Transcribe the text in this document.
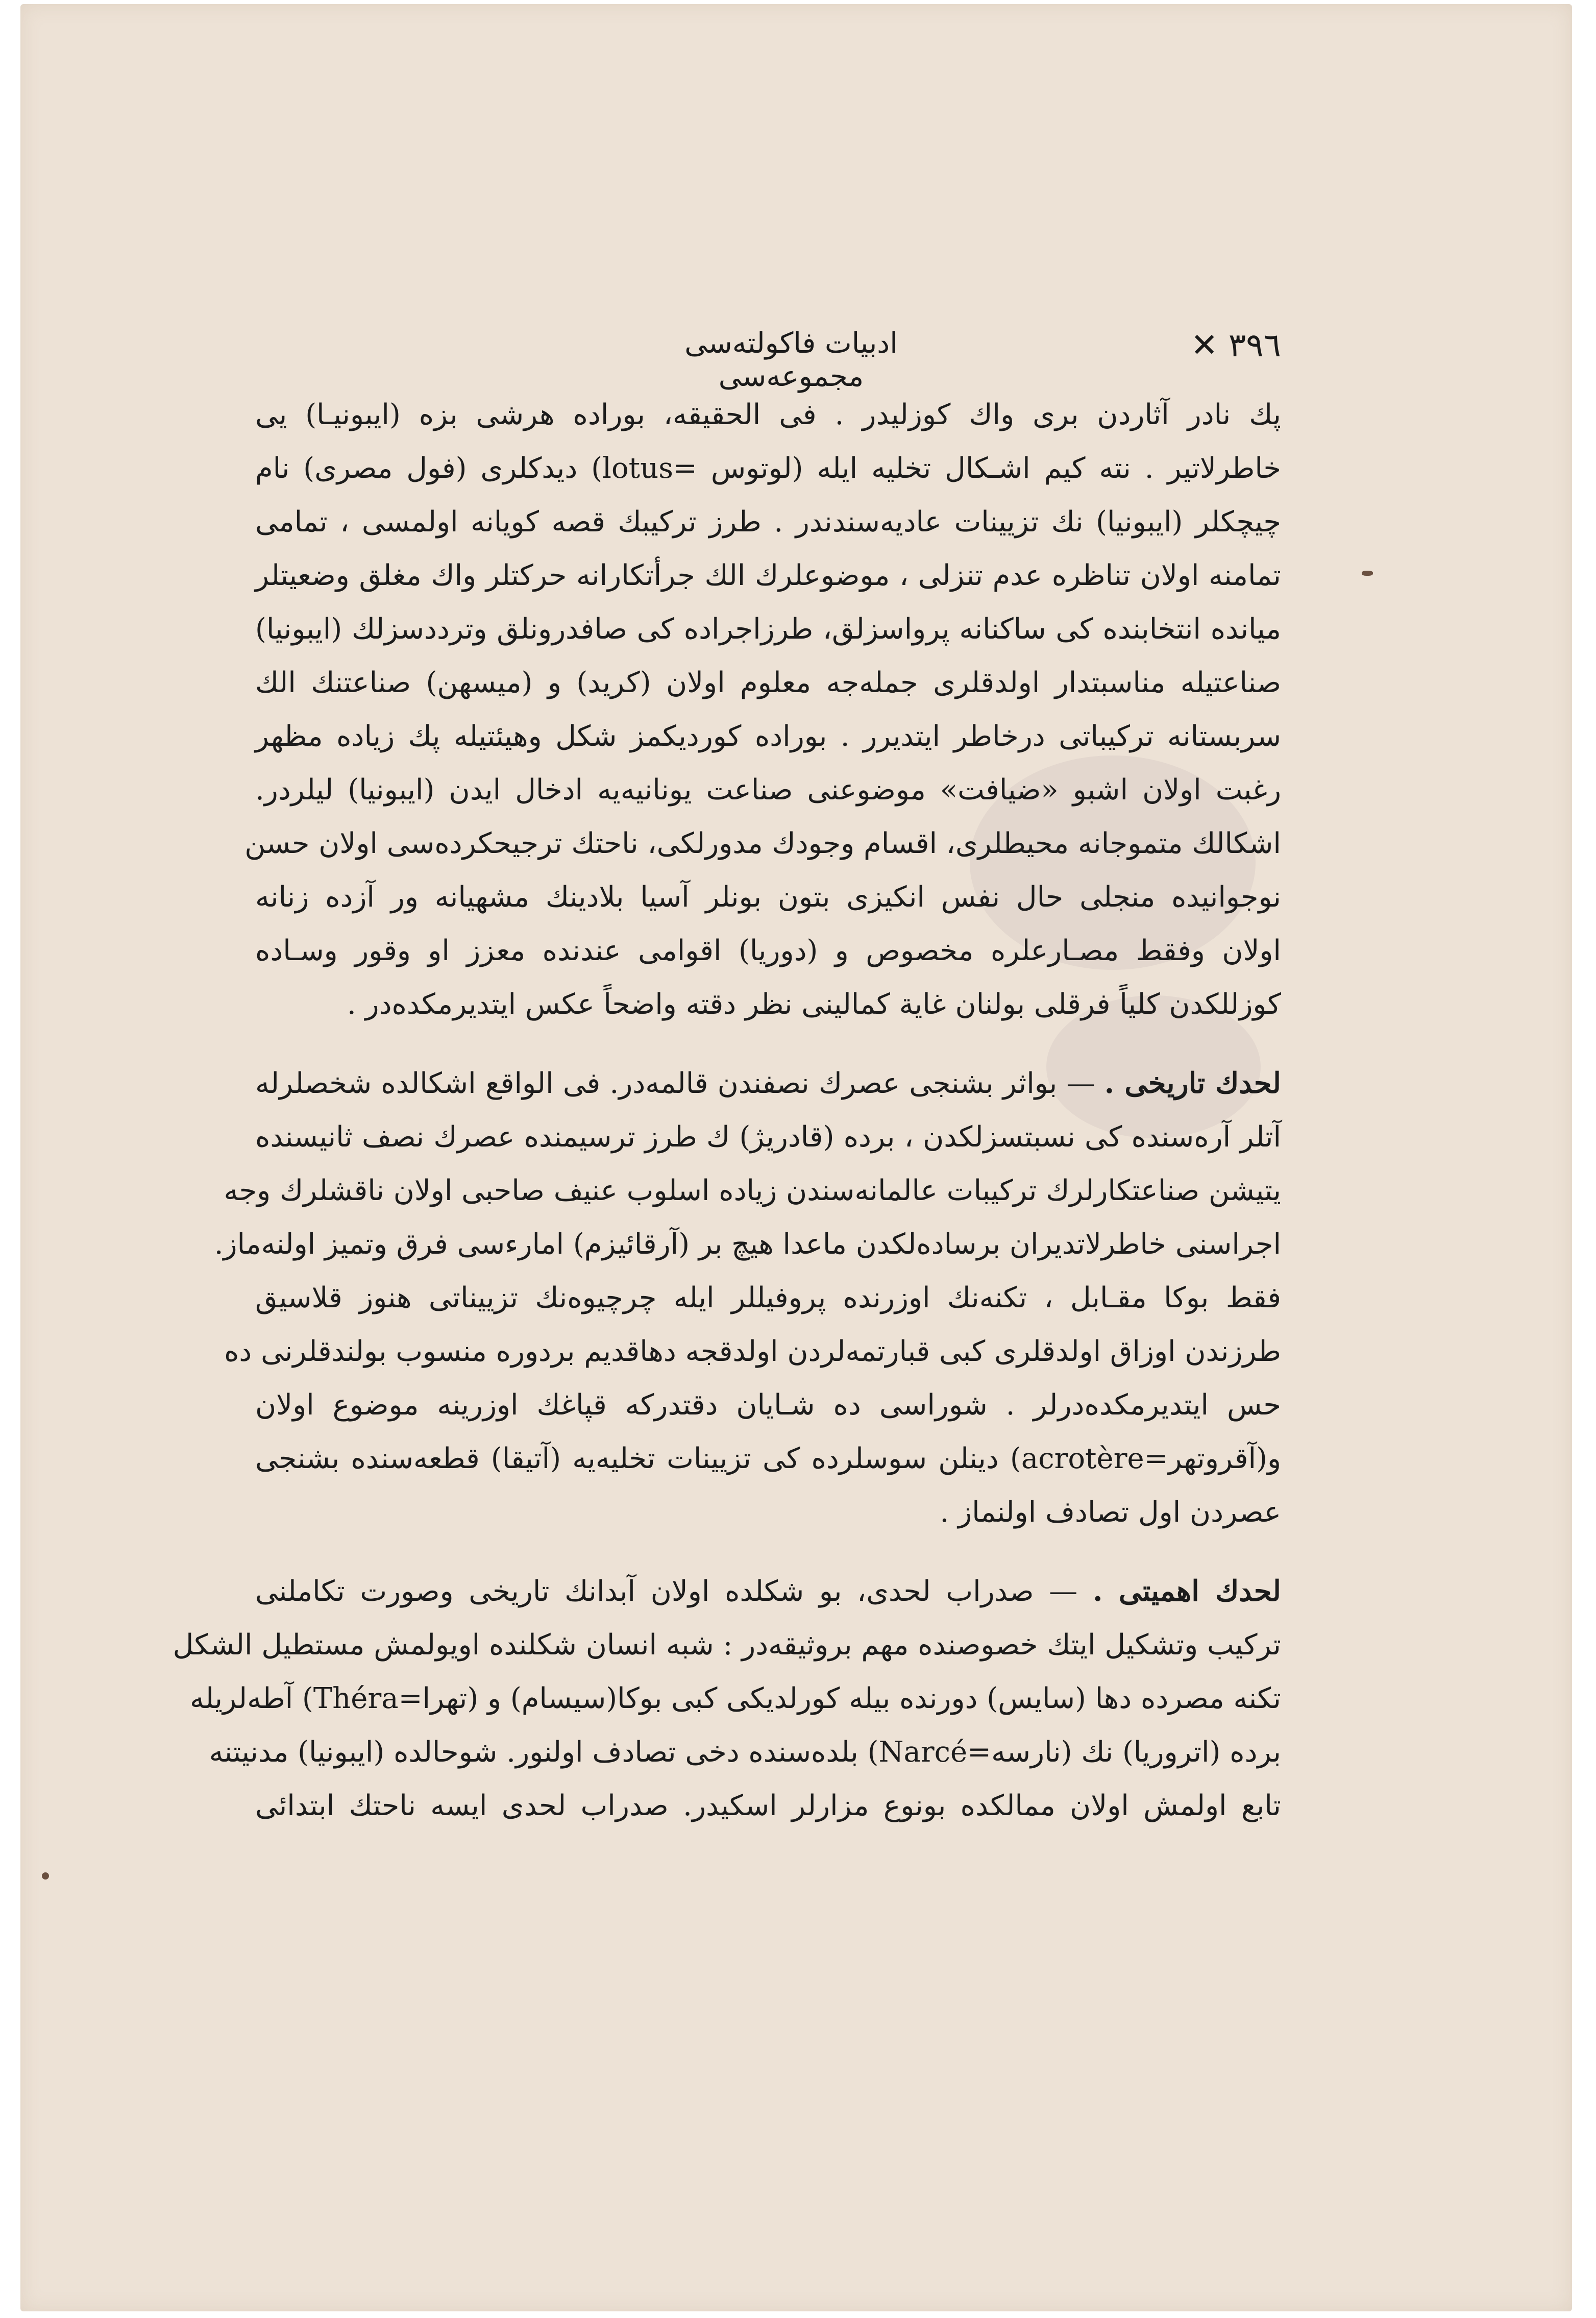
٣٩٦ ✕
ادبيات فاكولته‌سى مجموعه‌سى
پك نادر آثاردن برى واك كوزليدر . فى الحقيقه، بوراده هرشى بزه (ايبونيـا) يى
خاطرلاتير . نته كيم اشـكال تخليه ايله (لوتوس =lotus) ديدكلرى (فول مصرى) نام
چيچكلر (ايبونيا) نك تزيينات عاديه‌سندندر . طرز تركيبك قصه كويانه اولمسى ، تمامى
تمامنه اولان تناظره عدم تنزلى ، موضوعلرك الك جرأتكارانه حركتلر واك مغلق وضعيتلر
ميانده انتخابنده كى ساكنانه پرواسزلق، طرزاجراده كى صافدرونلق وترددسزلك (ايبونيا)
صناعتيله مناسبتدار اولدقلرى جمله‌جه معلوم اولان (كريد) و (ميسهن) صناعتنك الك
سربستانه تركيباتى درخاطر ايتديرر . بوراده كورديكمز شكل وهيئتيله پك زياده مظهر
رغبت اولان اشبو «ضيافت» موضوعنى صناعت يونانيه‌يه ادخال ايدن (ايبونيا) ليلردر.
اشكالك متموجانه محيطلرى، اقسام وجودك مدورلكى، ناحتك ترجيحكرده‌سى اولان حسن
نوجوانيده منجلى حال نفس انكيزى بتون بونلر آسيا بلادينك مشهيانه ور آزده زنانه
اولان وفقط مصـارعلره مخصوص و (دوريا) اقوامى عندنده معزز او وقور وسـاده
كوزللكدن كلياً فرقلى بولنان غاية كمالينى نظر دقته واضحاً عكس ايتديرمكده‌در .
لحدك تاريخى . — بواثر بشنجى عصرك نصفندن قالمه‌در. فى الواقع اشكالده شخصلرله
آتلر آره‌سنده كى نسبتسزلكدن ، برده (قادريژ) ك طرز ترسيمنده عصرك نصف ثانيسنده
يتيشن صناعتكارلرك تركيبات عالمانه‌سندن زياده اسلوب عنيف صاحبى اولان ناقشلرك وجه
اجراسنى خاطرلاتديران برساده‌لكدن ماعدا هيچ بر (آرقائيزم) امارءسى فرق وتميز اولنه‌ماز.
فقط بوكا مقـابل ، تكنه‌نك اوزرنده پروفيللر ايله چرچيوه‌نك تزييناتى هنوز قلاسيق
طرزندن اوزاق اولدقلرى كبى قبارتمه‌لردن اولدقجه دهاقديم بردوره منسوب بولندقلرنى ده
حس ايتديرمكده‌درلر . شوراسى ده شـايان دقتدركه قپاغك اوزرينه موضوع اولان
و(آقروتهر=acrotère) دينلن سوسلرده كى تزيينات تخليه‌يه (آتيقا) قطعه‌سنده بشنجى
عصردن اول تصادف اولنماز .
لحدك اهميتى . — صدراب لحدى، بو شكلده اولان آبدانك تاريخى وصورت تكاملنى
تركيب وتشكيل ايتك خصوصنده مهم بروثيقه‌در : شبه انسان شكلنده اويولمش مستطيل الشكل
تكنه مصرده دها (سايس) دورنده بيله كورلديكى كبى بوكا(سيسام) و (تهرا=Théra) آطه‌لريله
برده (اتروريا) نك (نارسه=Narcé) بلده‌سنده دخى تصادف اولنور. شوحالده (ايبونيا) مدنيتنه
تابع اولمش اولان ممالكده بونوع مزارلر اسكيدر. صدراب لحدى ايسه ناحتك ابتدائى
